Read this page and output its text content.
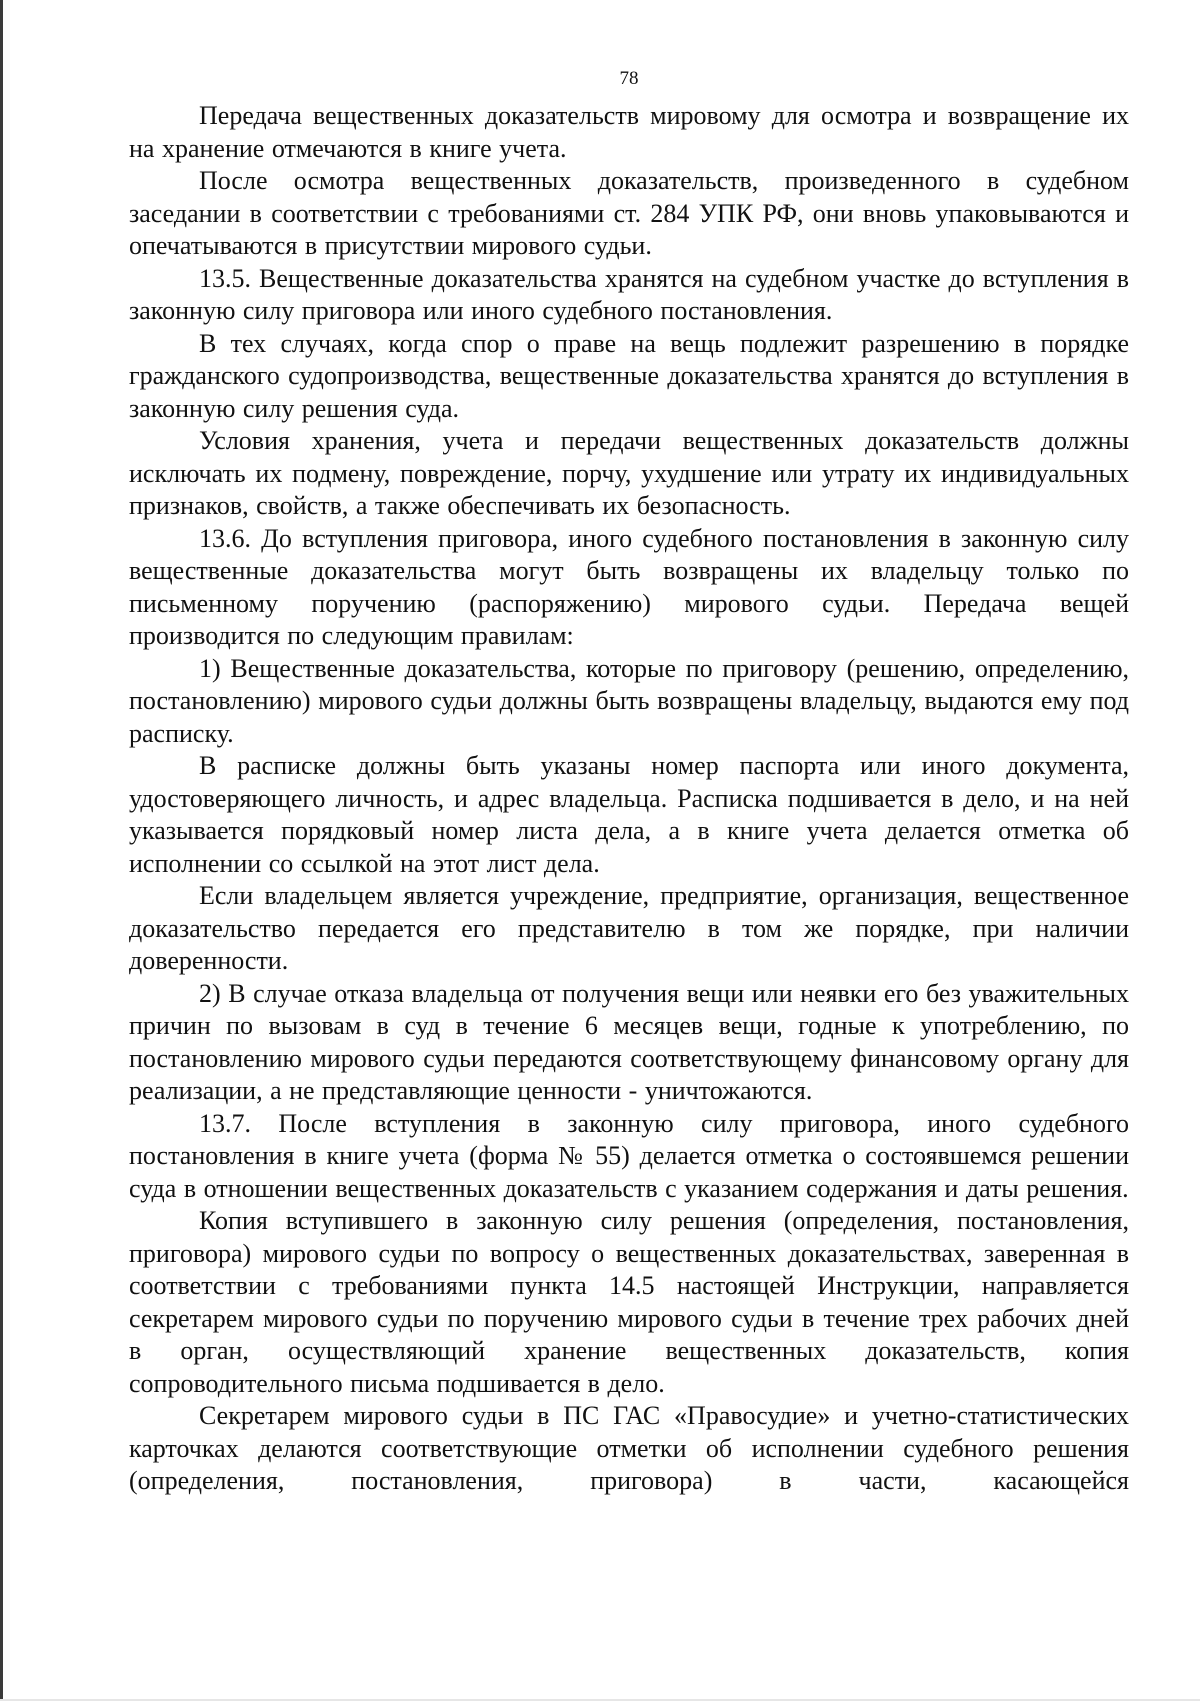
78

Передача вещественных доказательств мировому для осмотра и возвращение их на хранение отмечаются в книге учета.

После осмотра вещественных доказательств, произведенного в судебном заседании в соответствии с требованиями ст. 284 УПК РФ, они вновь упаковываются и опечатываются в присутствии мирового судьи.

13.5. Вещественные доказательства хранятся на судебном участке до вступления в законную силу приговора или иного судебного постановления.

В тех случаях, когда спор о праве на вещь подлежит разрешению в порядке гражданского судопроизводства, вещественные доказательства хранятся до вступления в законную силу решения суда.

Условия хранения, учета и передачи вещественных доказательств должны исключать их подмену, повреждение, порчу, ухудшение или утрату их индивидуальных признаков, свойств, а также обеспечивать их безопасность.

13.6. До вступления приговора, иного судебного постановления в законную силу вещественные доказательства могут быть возвращены их владельцу только по письменному поручению (распоряжению) мирового судьи. Передача вещей производится по следующим правилам:

1) Вещественные доказательства, которые по приговору (решению, определению, постановлению) мирового судьи должны быть возвращены владельцу, выдаются ему под расписку.

В расписке должны быть указаны номер паспорта или иного документа, удостоверяющего личность, и адрес владельца. Расписка подшивается в дело, и на ней указывается порядковый номер листа дела, а в книге учета делается отметка об исполнении со ссылкой на этот лист дела.

Если владельцем является учреждение, предприятие, организация, вещественное доказательство передается его представителю в том же порядке, при наличии доверенности.

2) В случае отказа владельца от получения вещи или неявки его без уважительных причин по вызовам в суд в течение 6 месяцев вещи, годные к употреблению, по постановлению мирового судьи передаются соответствующему финансовому органу для реализации, а не представляющие ценности - уничтожаются.

13.7. После вступления в законную силу приговора, иного судебного постановления в книге учета (форма № 55) делается отметка о состоявшемся решении суда в отношении вещественных доказательств с указанием содержания и даты решения.

Копия вступившего в законную силу решения (определения, постановления, приговора) мирового судьи по вопросу о вещественных доказательствах, заверенная в соответствии с требованиями пункта 14.5 настоящей Инструкции, направляется секретарем мирового судьи по поручению мирового судьи в течение трех рабочих дней в орган, осуществляющий хранение вещественных доказательств, копия сопроводительного письма подшивается в дело.

Секретарем мирового судьи в ПС ГАС «Правосудие» и учетно-статистических карточках делаются соответствующие отметки об исполнении судебного решения (определения, постановления, приговора) в части, касающейся
